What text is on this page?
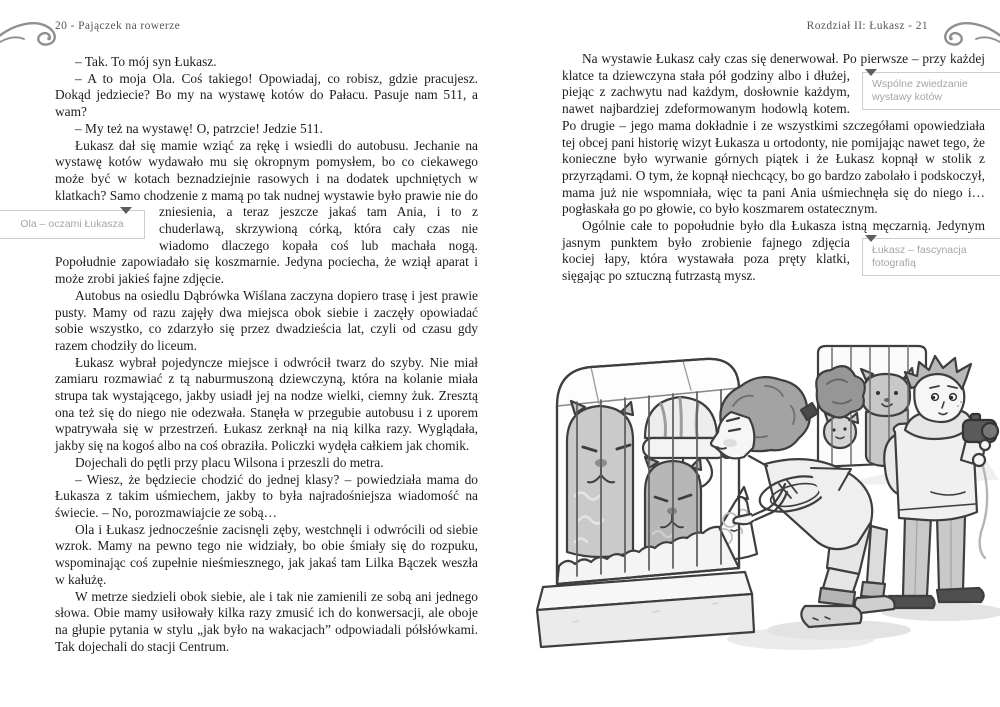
20 - Pajączek na rowerze	Rozdział II: Łukasz - 21

– Tak. To mój syn Łukasz.

– A to moja Ola. Coś takiego! Opowiadaj, co robisz, gdzie pracujesz. Dokąd jedziecie? Bo my na wystawę kotów do Pałacu. Pasuje nam 511, a wam?

– My też na wystawę! O, patrzcie! Jedzie 511.

Łukasz dał się mamie wziąć za rękę i wsiedli do autobusu. Jechanie na wystawę kotów wydawało mu się okropnym pomysłem, bo co ciekawego może być w kotach beznadziejnie rasowych i na dodatek upchniętych w klatkach? Samo chodzenie z mamą po tak nudnej wystawie było prawie nie do zniesienia, a teraz jeszcze jakaś tam Ania, i to z
Ola – oczami Łukasza	chuderlawą, skrzywioną córką, która cały czas nie wiadomo dlaczego kopała coś lub machała nogą. Popołudnie zapowiadało się koszmarnie. Jedyna pociecha, że wziął aparat i może zrobi jakieś fajne zdjęcie.

Autobus na osiedlu Dąbrówka Wiślana zaczyna dopiero trasę i jest prawie pusty. Mamy od razu zajęły dwa miejsca obok siebie i zaczęły opowiadać sobie wszystko, co zdarzyło się przez dwadzieścia lat, czyli od czasu gdy razem chodziły do liceum.

Łukasz wybrał pojedyncze miejsce i odwrócił twarz do szyby. Nie miał zamiaru rozmawiać z tą naburmuszoną dziewczyną, która na kolanie miała strupa tak wystającego, jakby usiadł jej na nodze wielki, ciemny żuk. Zresztą ona też się do niego nie odezwała. Stanęła w przegubie autobusu i z uporem wpatrywała się w przestrzeń. Łukasz zerknął na nią kilka razy. Wyglądała, jakby się na kogoś albo na coś obraziła. Policzki wydęła całkiem jak chomik.

Dojechali do pętli przy placu Wilsona i przeszli do metra.

– Wiesz, że będziecie chodzić do jednej klasy? – powiedziała mama do Łukasza z takim uśmiechem, jakby to była najradośniejsza wiadomość na świecie. – No, porozmawiajcie ze sobą…

Ola i Łukasz jednocześnie zacisnęli zęby, westchnęli i odwrócili od siebie wzrok. Mamy na pewno tego nie widziały, bo obie śmiały się do rozpuku, wspominając coś zupełnie nieśmiesznego, jak jakaś tam Lilka Bączek weszła w kałużę.

W metrze siedzieli obok siebie, ale i tak nie zamienili ze sobą ani jednego słowa. Obie mamy usiłowały kilka razy zmusić ich do konwersacji, ale oboje na głupie pytania w stylu „jak było na wakacjach” odpowiadali półsłówkami. Tak dojechali do stacji Centrum.

Na wystawie Łukasz cały czas się denerwował. Po pierwsze – przy
Wspólne zwiedzanie wystawy kotów
każdej klatce ta dziewczyna stała pół godziny albo i dłużej, piejąc z zachwytu nad każdym, dosłownie każdym, nawet najbardziej zdeformowanym hodowlą kotem. Po drugie – jego mama dokładnie i ze wszystkimi szczegółami opowiedziała tej obcej pani historię wizyt Łukasza u ortodonty, nie pomijając nawet tego, że konieczne było wyrwanie górnych piątek i że Łukasz kopnął w stolik z przyrządami. O tym, że kopnął niechcący, bo go bardzo zabolało i podskoczył, mama już nie wspomniała, więc ta pani Ania uśmiechnęła się do niego i… pogłaskała go po głowie, co było koszmarem ostatecznym.

Ogólnie całe to popołudnie było dla Łukasza istną męczarnią.
Łukasz – fascynacja fotografią
Jedynym jasnym punktem było zrobienie fajnego zdjęcia kociej łapy, która wystawała poza pręty klatki, sięgając po sztuczną futrzastą mysz.
